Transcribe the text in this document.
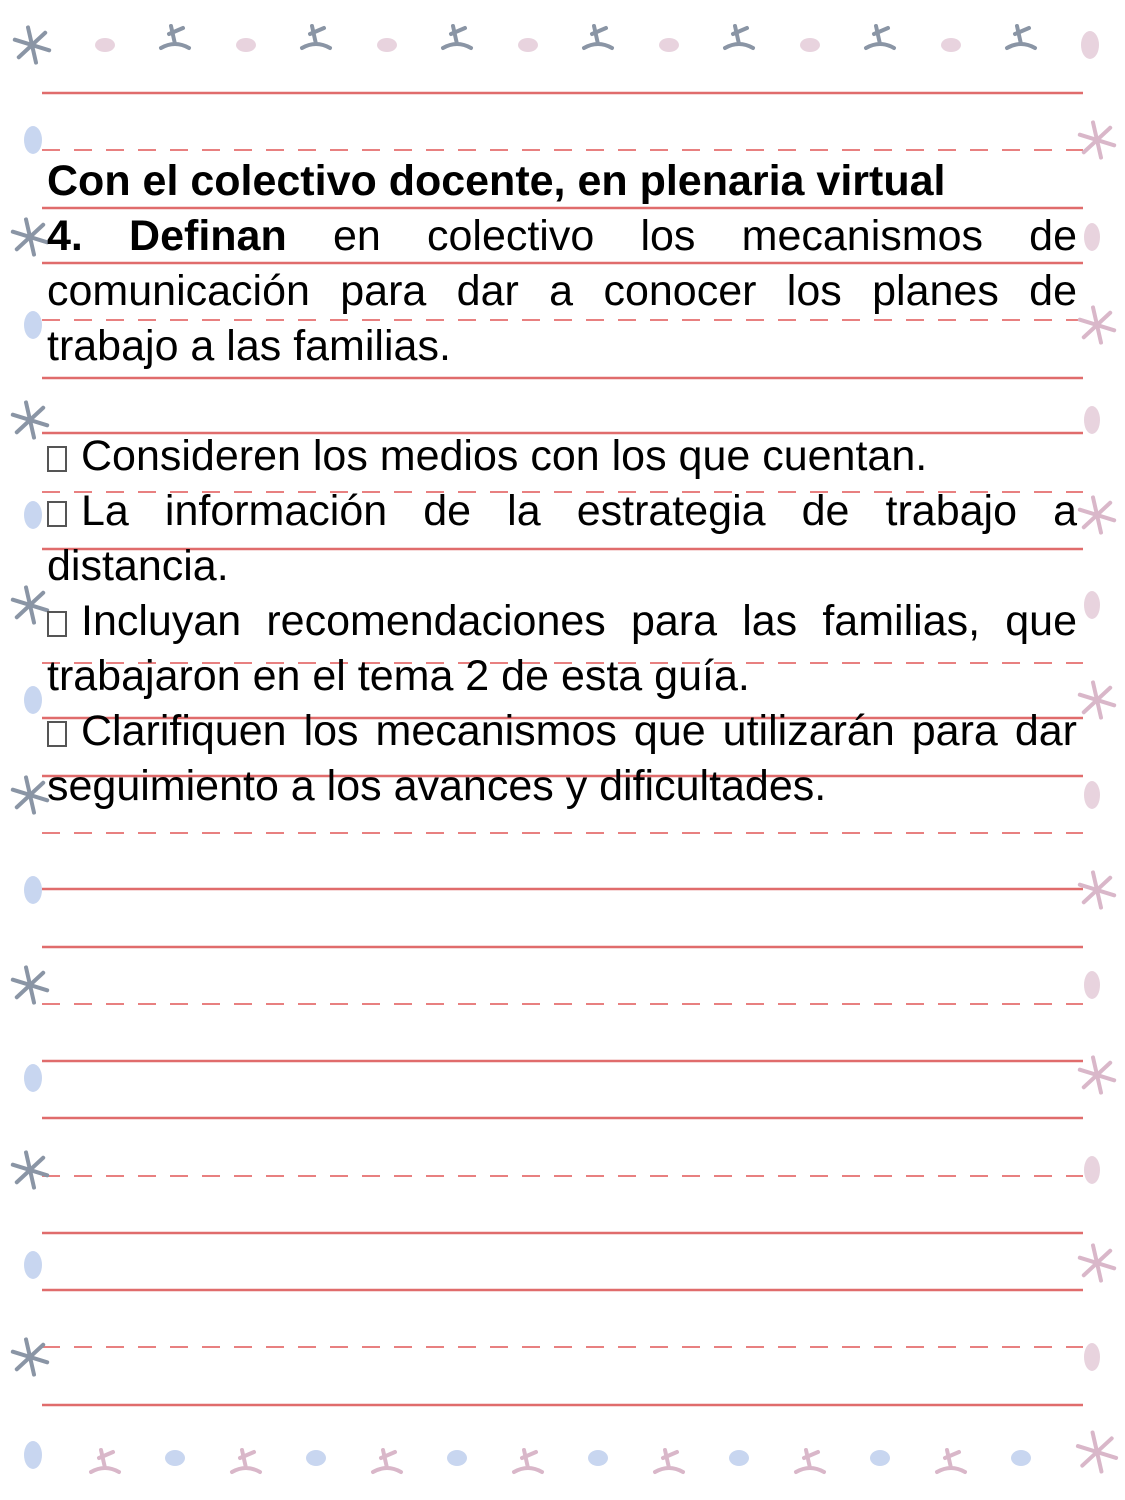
Con el colectivo docente, en plenaria virtual

4. Definan en colectivo los mecanismos de comunicación para dar a conocer los planes de trabajo a las familias.

Consideren los medios con los que cuentan.

La información de la estrategia de trabajo a distancia.

Incluyan recomendaciones para las familias, que trabajaron en el tema 2 de esta guía.

Clarifiquen los mecanismos que utilizarán para dar seguimiento a los avances y dificultades.
